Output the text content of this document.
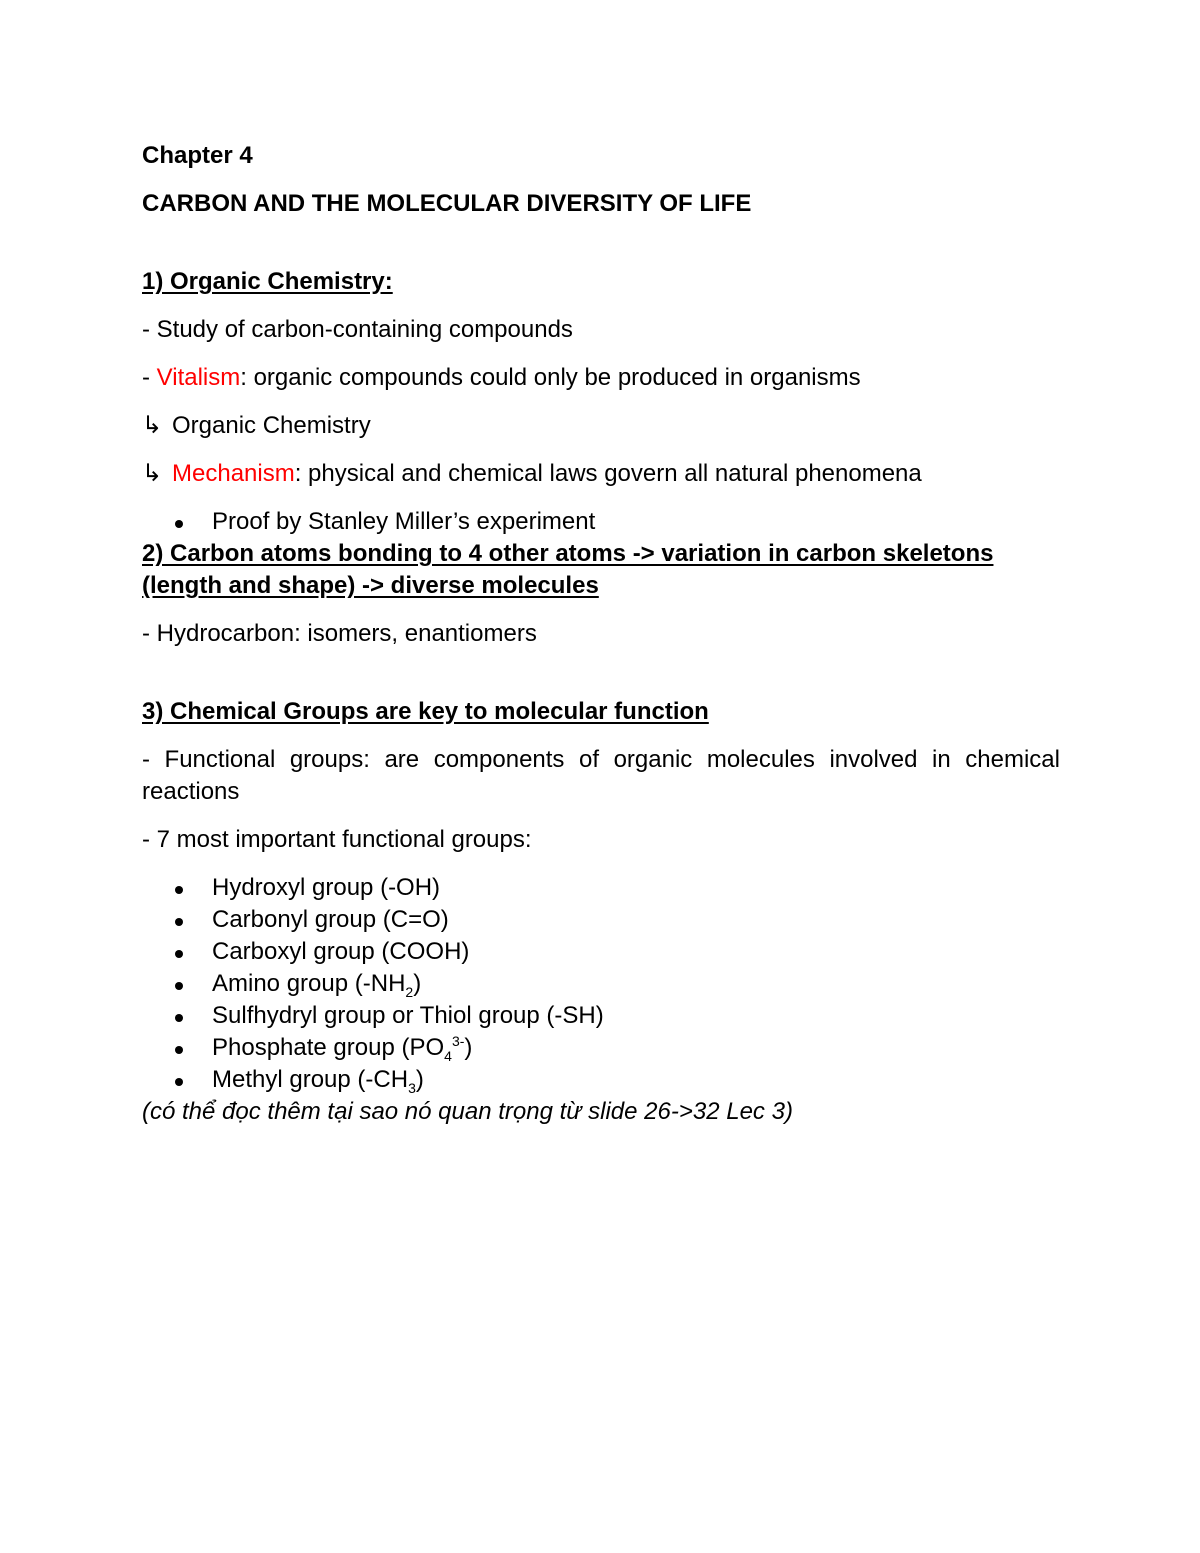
Chapter 4

CARBON AND THE MOLECULAR DIVERSITY OF LIFE

1) Organic Chemistry:

- Study of carbon-containing compounds

- Vitalism: organic compounds could only be produced in organisms

↳ Organic Chemistry

↳ Mechanism: physical and chemical laws govern all natural phenomena

Proof by Stanley Miller’s experiment

2) Carbon atoms bonding to 4 other atoms -> variation in carbon skeletons (length and shape) -> diverse molecules

- Hydrocarbon: isomers, enantiomers

3) Chemical Groups are key to molecular function

- Functional groups: are components of organic molecules involved in chemical reactions

- 7 most important functional groups:

Hydroxyl group (-OH)
Carbonyl group (C=O)
Carboxyl group (COOH)
Amino group $(-NH_2)$
Sulfhydryl group or Thiol group (-SH)
Phosphate group $(PO_4^{3-})$
Methyl group $(-CH_3)$

(có thể đọc thêm tại sao nó quan trọng từ slide 26->32 Lec 3)
